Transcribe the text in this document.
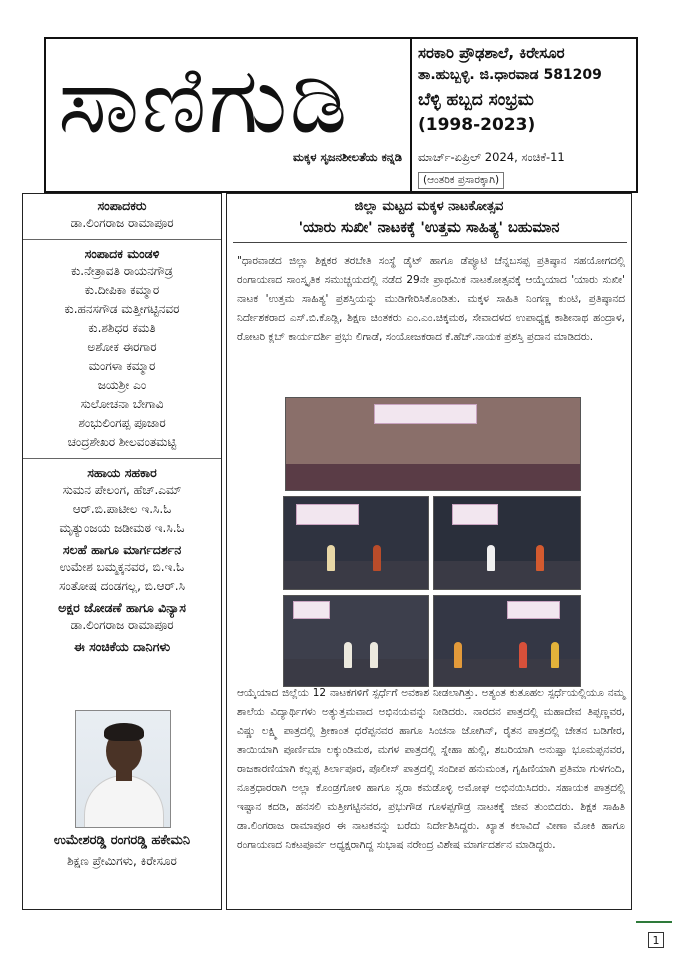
ಸಾಣಿಗುಡಿ
ಮಕ್ಕಳ ಸೃಜನಶೀಲತೆಯ ಕನ್ನಡಿ
ಸರಕಾರಿ ಪ್ರೌಢಶಾಲೆ, ಕಿರೇಸೂರ
ತಾ.ಹುಬ್ಬಳ್ಳಿ. ಜಿ.ಧಾರವಾಡ 581209
ಬೆಳ್ಳಿ ಹಬ್ಬದ ಸಂಭ್ರಮ
(1998-2023)
ಮಾರ್ಚ್-ಏಪ್ರಿಲ್ 2024, ಸಂಚಿಕೆ-11
(ಆಂತರಿಕ ಪ್ರಸಾರಕ್ಕಾಗಿ)
ಸಂಪಾದಕರು
ಡಾ.ಲಿಂಗರಾಜ ರಾಮಾಪೂರ
ಸಂಪಾದಕ ಮಂಡಳಿ
ಕು.ನೇತ್ರಾವತಿ ರಾಯನಗೌಡ್ರ
ಕು.ದೀಪಿಕಾ ಕಮ್ಮಾರ
ಕು.ಹನಸಗೌಡ ಮತ್ತೀಗಟ್ಟಿನವರ
ಕು.ಶಶಿಧರ ಕಮತಿ
ಅಶೋಕ ಈರಗಾರ
ಮಂಗಳಾ ಕಮ್ಮಾರ
ಜಯಶ್ರೀ ಎಂ
ಸುಲೋಚನಾ ಬೇಗಾವಿ
ಶಂಭುಲಿಂಗಪ್ಪ ಪೂಜಾರ
ಚಂದ್ರಶೇಖರ ಶೀಲವಂತಮಟ್ಟಿ
ಸಹಾಯ ಸಹಕಾರ
ಸುಮನ ಪೇಲಂಗ, ಹೆಚ್.ಎಮ್
ಆರ್.ಬಿ.ಪಾಟೀಲ ಇ.ಸಿ.ಓ
ಮೃತ್ಯುಂಜಯ ಜಡೀಮಠ ಇ.ಸಿ.ಓ
ಸಲಹೆ ಹಾಗೂ ಮಾರ್ಗದರ್ಶನ
ಉಮೇಶ ಬಮ್ಮಕ್ಕನವರ, ಬಿ.ಇ.ಓ
ಸಂತೋಷ ದಂಡಗಲ್ಲ, ಬಿ.ಆರ್.ಸಿ
ಅಕ್ಷರ ಜೋಡಣೆ ಹಾಗೂ ವಿನ್ಯಾಸ
ಡಾ.ಲಿಂಗರಾಜ ರಾಮಾಪೂರ
ಈ ಸಂಚಿಕೆಯ ದಾನಿಗಳು
ಉಮೇಶರಡ್ಡಿ ರಂಗರಡ್ಡಿ ಹಕೇಮನಿ
ಶಿಕ್ಷಣ ಪ್ರೇಮಿಗಳು, ಕಿರೇಸೂರ
ಜಿಲ್ಲಾ ಮಟ್ಟದ ಮಕ್ಕಳ ನಾಟಕೋತ್ಸವ
'ಯಾರು ಸುಖೀ' ನಾಟಕಕ್ಕೆ 'ಉತ್ತಮ ಸಾಹಿತ್ಯ' ಬಹುಮಾನ

"ಧಾರವಾಡದ ಜಿಲ್ಲಾ ಶಿಕ್ಷಕರ ತರಬೇತಿ ಸಂಸ್ಥೆ ಡೈಟ್ ಹಾಗೂ ಡೆಪ್ಯೂಟಿ ಚೆನ್ನಬಸಪ್ಪ ಪ್ರತಿಷ್ಠಾನ ಸಹಯೋಗದಲ್ಲಿ ರಂಗಾಯಣದ ಸಾಂಸ್ಕೃತಿಕ ಸಮುಚ್ಚಯದಲ್ಲಿ ನಡೆದ 29ನೇ ಪ್ರಾಥಮಿಕ ನಾಟಕೋತ್ಸವಕ್ಕೆ ಆಯ್ಕೆಯಾದ 'ಯಾರು ಸುಖೀ' ನಾಟಕ 'ಉತ್ತಮ ಸಾಹಿತ್ಯ' ಪ್ರಶಸ್ತಿಯನ್ನು ಮುಡಿಗೇರಿಸಿಕೊಂಡಿತು. ಮಕ್ಕಳ ಸಾಹಿತಿ ನಿಂಗಣ್ಣ ಕುಂಟಿ, ಪ್ರತಿಷ್ಠಾನದ ನಿರ್ದೇಶಕರಾದ ಎಸ್.ಬಿ.ಕೊಡ್ಲಿ, ಶಿಕ್ಷಣ ಚಿಂತಕರು ಎಂ.ಎಂ.ಚಿಕ್ಕಮಠ, ಸೇವಾದಳದ ಉಪಾಧ್ಯಕ್ಷ ಕಾಶೀನಾಥ ಹಂದ್ರಾಳ, ರೋಟರಿ ಕ್ಲಬ್ ಕಾರ್ಯದರ್ಶಿ ಪ್ರಭು ಲಿಗಾಡೆ, ಸಂಯೋಜಕರಾದ ಕೆ.ಹೆಚ್.ನಾಯಕ ಪ್ರಶಸ್ತಿ ಪ್ರದಾನ ಮಾಡಿದರು.

ಆಯ್ಕೆಯಾದ ಜಿಲ್ಲೆಯ 12 ನಾಟಕಗಳಿಗೆ ಸ್ಪರ್ಧೆಗೆ ಅವಕಾಶ ನೀಡಲಾಗಿತ್ತು. ಅತ್ಯಂತ ಕುತೂಹಲ ಸ್ಪರ್ಧೆಯಲ್ಲಿಯೂ ನಮ್ಮ ಶಾಲೆಯ ವಿದ್ಯಾರ್ಥಿಗಳು ಅತ್ಯುತ್ತಮವಾದ ಅಭಿನಯವನ್ನು ನೀಡಿದರು. ನಾರದನ ಪಾತ್ರದಲ್ಲಿ ಮಹಾದೇವ ತಿಪ್ಪಣ್ಣವರ, ವಿಷ್ಣು ಲಕ್ಷ್ಮಿ ಪಾತ್ರದಲ್ಲಿ ಶ್ರೀಕಾಂತ ಧರೆಪ್ಪನವರ ಹಾಗೂ ಸಿಂಚನಾ ಜೋಗಿನ್, ರೈತನ ಪಾತ್ರದಲ್ಲಿ ಚೇತನ ಬಡಿಗೇರ, ತಾಯಿಯಾಗಿ ಪೂರ್ಣಿಮಾ ಲಕ್ಕುಂಡಿಮಠ, ಮಗಳ ಪಾತ್ರದಲ್ಲಿ ಸ್ನೇಹಾ ಹುಲ್ಲಿ, ಶಬರಿಯಾಗಿ ಅನುಷ್ಪಾ ಭೂಮಪ್ಪನವರ, ರಾಜಕಾರಣಿಯಾಗಿ ಕಲ್ಲಪ್ಪ ತಿರ್ಲಾಪೂರ, ಪೊಲೀಸ್ ಪಾತ್ರದಲ್ಲಿ ಸಂದೀಪ ಹನುಮಂತ, ಗೃಹಿಣಿಯಾಗಿ ಪ್ರತಿಮಾ ಗುಳಗಂದಿ, ನೂತ್ರಧಾರರಾಗಿ ಅಲ್ಲಾ ಕೊಂಡ್ರಗೋಳಿ ಹಾಗೂ ಸ್ವರಾ ಕಮಡೊಳ್ಳಿ ಅಮೋಘ ಅಭಿನಯಿಸಿದರು. ಸಹಾಯಕ ಪಾತ್ರದಲ್ಲಿ ಇಷ್ಟಾನ ಕದಡಿ, ಹನಸಲಿ ಮತ್ತೀಗಟ್ಟಿನವರ, ಪ್ರಭುಗೌಡ ಗೂಳಪ್ಪಗೌಡ್ರ ನಾಟಕಕ್ಕೆ ಜೀವ ತುಂಬಿದರು. ಶಿಕ್ಷಕ ಸಾಹಿತಿ ಡಾ.ಲಿಂಗರಾಜ ರಾಮಾಪೂರ ಈ ನಾಟಕವನ್ನು ಬರೆದು ನಿರ್ದೇಶಿಸಿದ್ದರು. ಖ್ಯಾತ ಕಲಾವಿದೆ ವೀಣಾ ಮೋಕಿ ಹಾಗೂ ರಂಗಾಯಣದ ನಿಕಟಪೂರ್ವ ಅಧ್ಯಕ್ಷರಾಗಿದ್ದ ಸುಭಾಷ ನರೇಂದ್ರ ವಿಶೇಷ ಮಾರ್ಗದರ್ಶನ ಮಾಡಿದ್ದರು.

1
